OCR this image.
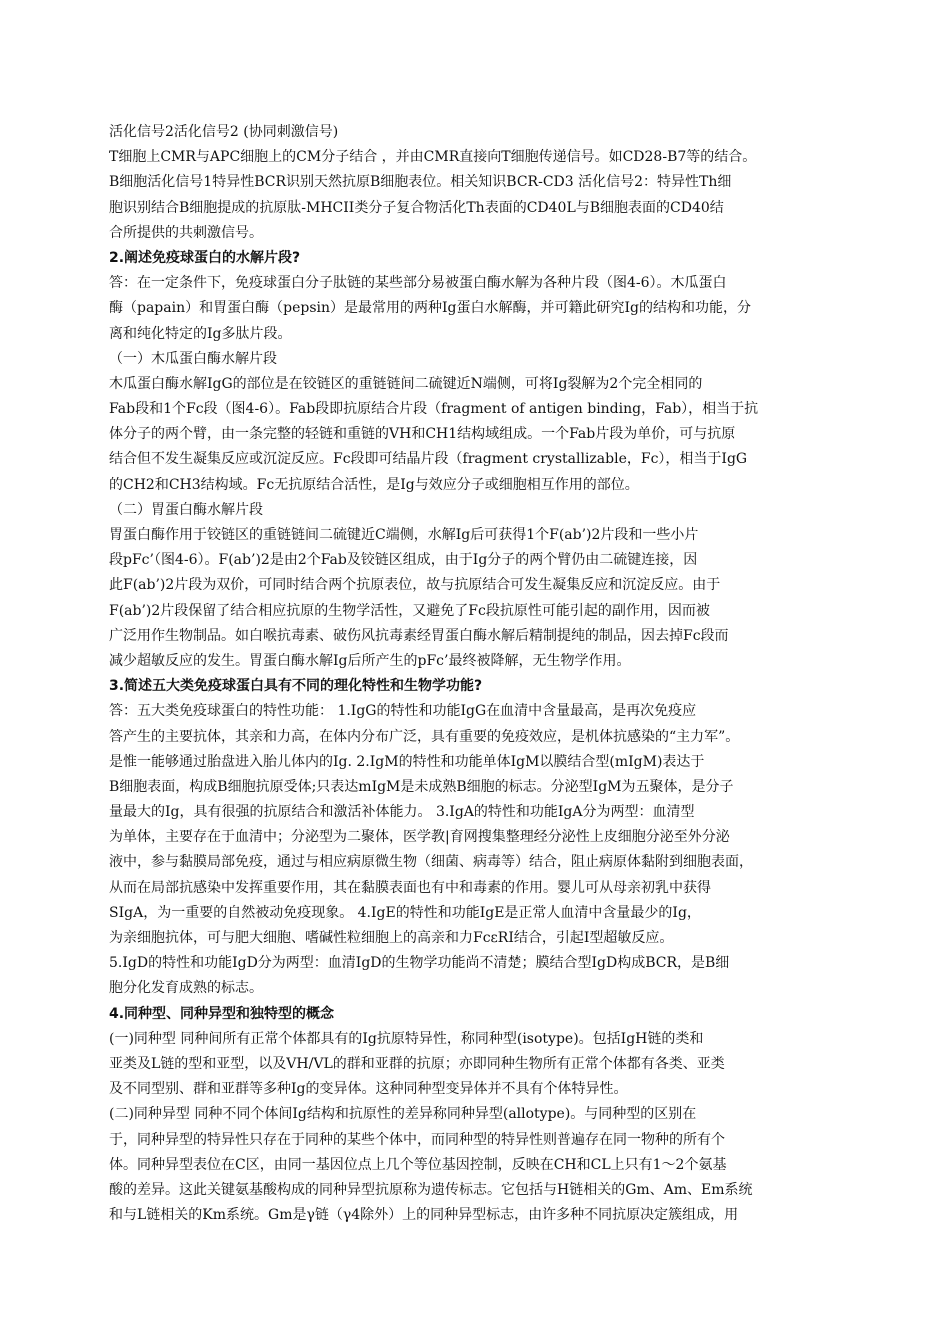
活化信号2活化信号2 (协同刺激信号)
T细胞上CMR与APC细胞上的CM分子结合 ，并由CMR直接向T细胞传递信号。如CD28-B7等的结合。
B细胞活化信号1特异性BCR识别天然抗原B细胞表位。相关知识BCR-CD3 活化信号2：特异性Th细
胞识别结合B细胞提成的抗原肽-MHCII类分子复合物活化Th表面的CD40L与B细胞表面的CD40结
合所提供的共刺激信号。
2.阐述免疫球蛋白的水解片段?
答：在一定条件下，免疫球蛋白分子肽链的某些部分易被蛋白酶水解为各种片段（图4-6）。木瓜蛋白
酶（papain）和胃蛋白酶（pepsin）是最常用的两种Ig蛋白水解酶，并可籍此研究Ig的结构和功能，分
离和纯化特定的Ig多肽片段。
（一）木瓜蛋白酶水解片段
木瓜蛋白酶水解IgG的部位是在铰链区的重链链间二硫键近N端侧，可将Ig裂解为2个完全相同的
Fab段和1个Fc段（图4-6）。Fab段即抗原结合片段（fragment of antigen binding，Fab），相当于抗
体分子的两个臂，由一条完整的轻链和重链的VH和CH1结构域组成。一个Fab片段为单价，可与抗原
结合但不发生凝集反应或沉淀反应。Fc段即可结晶片段（fragment crystallizable，Fc），相当于IgG
的CH2和CH3结构域。Fc无抗原结合活性，是Ig与效应分子或细胞相互作用的部位。
（二）胃蛋白酶水解片段
胃蛋白酶作用于铰链区的重链链间二硫键近C端侧，水解Ig后可获得1个F(ab’)2片段和一些小片
段pFc’（图4-6）。F(ab’)2是由2个Fab及铰链区组成，由于Ig分子的两个臂仍由二硫键连接，因
此F(ab’)2片段为双价，可同时结合两个抗原表位，故与抗原结合可发生凝集反应和沉淀反应。由于
F(ab’)2片段保留了结合相应抗原的生物学活性，又避免了Fc段抗原性可能引起的副作用，因而被
广泛用作生物制品。如白喉抗毒素、破伤风抗毒素经胃蛋白酶水解后精制提纯的制品，因去掉Fc段而
减少超敏反应的发生。胃蛋白酶水解Ig后所产生的pFc’最终被降解，无生物学作用。
3.简述五大类免疫球蛋白具有不同的理化特性和生物学功能?
答：五大类免疫球蛋白的特性功能： 1.IgG的特性和功能IgG在血清中含量最高，是再次免疫应
答产生的主要抗体，其亲和力高，在体内分布广泛，具有重要的免疫效应，是机体抗感染的“主力军”。
是惟一能够通过胎盘进入胎儿体内的Ig. 2.IgM的特性和功能单体IgM以膜结合型(mIgM)表达于
B细胞表面，构成B细胞抗原受体;只表达mIgM是未成熟B细胞的标志。分泌型IgM为五聚体，是分子
量最大的Ig，具有很强的抗原结合和激活补体能力。 3.IgA的特性和功能IgA分为两型：血清型
为单体，主要存在于血清中；分泌型为二聚体，医学教|育网搜集整理经分泌性上皮细胞分泌至外分泌
液中，参与黏膜局部免疫，通过与相应病原微生物（细菌、病毒等）结合，阻止病原体黏附到细胞表面，
从而在局部抗感染中发挥重要作用，其在黏膜表面也有中和毒素的作用。婴儿可从母亲初乳中获得
SIgA，为一重要的自然被动免疫现象。 4.IgE的特性和功能IgE是正常人血清中含量最少的Ig，
为亲细胞抗体，可与肥大细胞、嗜碱性粒细胞上的高亲和力FcεRI结合，引起Ⅰ型超敏反应。
5.IgD的特性和功能IgD分为两型：血清IgD的生物学功能尚不清楚；膜结合型IgD构成BCR，是B细
胞分化发育成熟的标志。
4.同种型、同种异型和独特型的概念
(一)同种型 同种间所有正常个体都具有的Ig抗原特异性，称同种型(isotype)。包括IgH链的类和
亚类及L链的型和亚型，以及VH/VL的群和亚群的抗原；亦即同种生物所有正常个体都有各类、亚类
及不同型别、群和亚群等多种Ig的变异体。这种同种型变异体并不具有个体特异性。
(二)同种异型 同种不同个体间Ig结构和抗原性的差异称同种异型(allotype)。与同种型的区别在
于，同种异型的特异性只存在于同种的某些个体中，而同种型的特异性则普遍存在同一物种的所有个
体。同种异型表位在C区，由同一基因位点上几个等位基因控制，反映在CH和CL上只有1～2个氨基
酸的差异。这此关键氨基酸构成的同种异型抗原称为遗传标志。它包括与H链相关的Gm、Am、Em系统
和与L链相关的Km系统。Gm是γ链（γ4除外）上的同种异型标志，由许多种不同抗原决定簇组成，用
